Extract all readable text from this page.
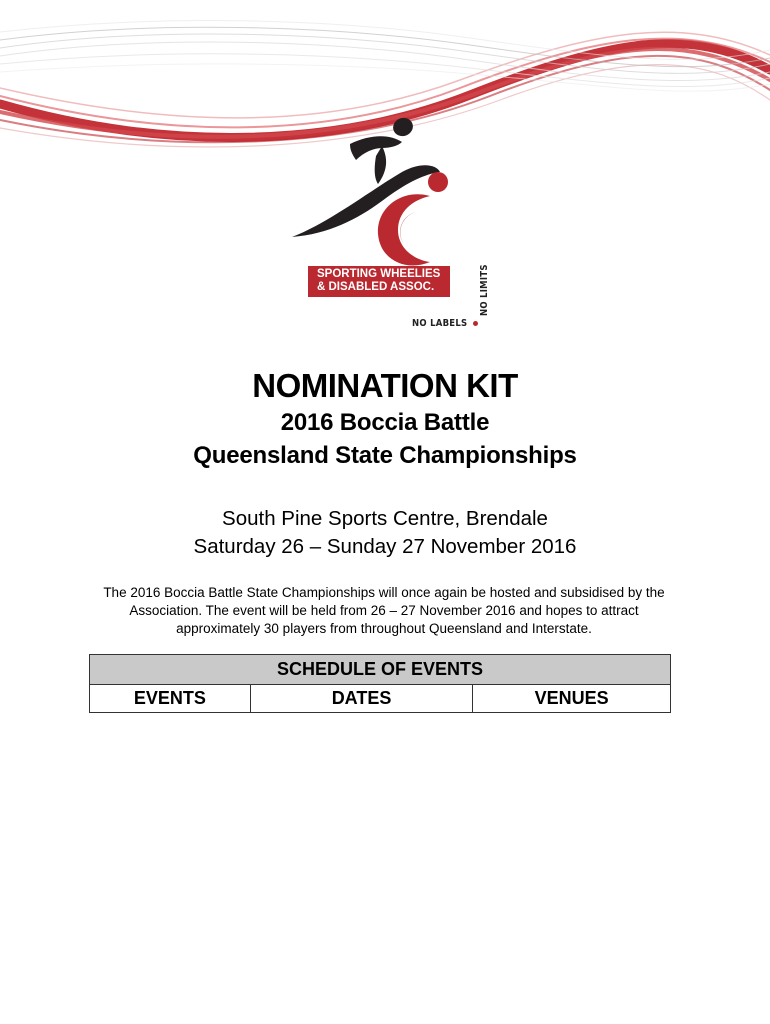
SPORTING WHEELIES
& DISABLED ASSOC.
NO LABELS
NO LIMITS
NOMINATION KIT
2016 Boccia Battle
Queensland State Championships

South Pine Sports Centre, Brendale

Saturday 26 – Sunday 27 November 2016

The 2016 Boccia Battle State Championships will once again be hosted and subsidised by the Association. The event will be held from 26 – 27 November 2016 and hopes to attract approximately 30 players from throughout Queensland and Interstate.

SCHEDULE OF EVENTS
EVENTS	DATES	VENUES
